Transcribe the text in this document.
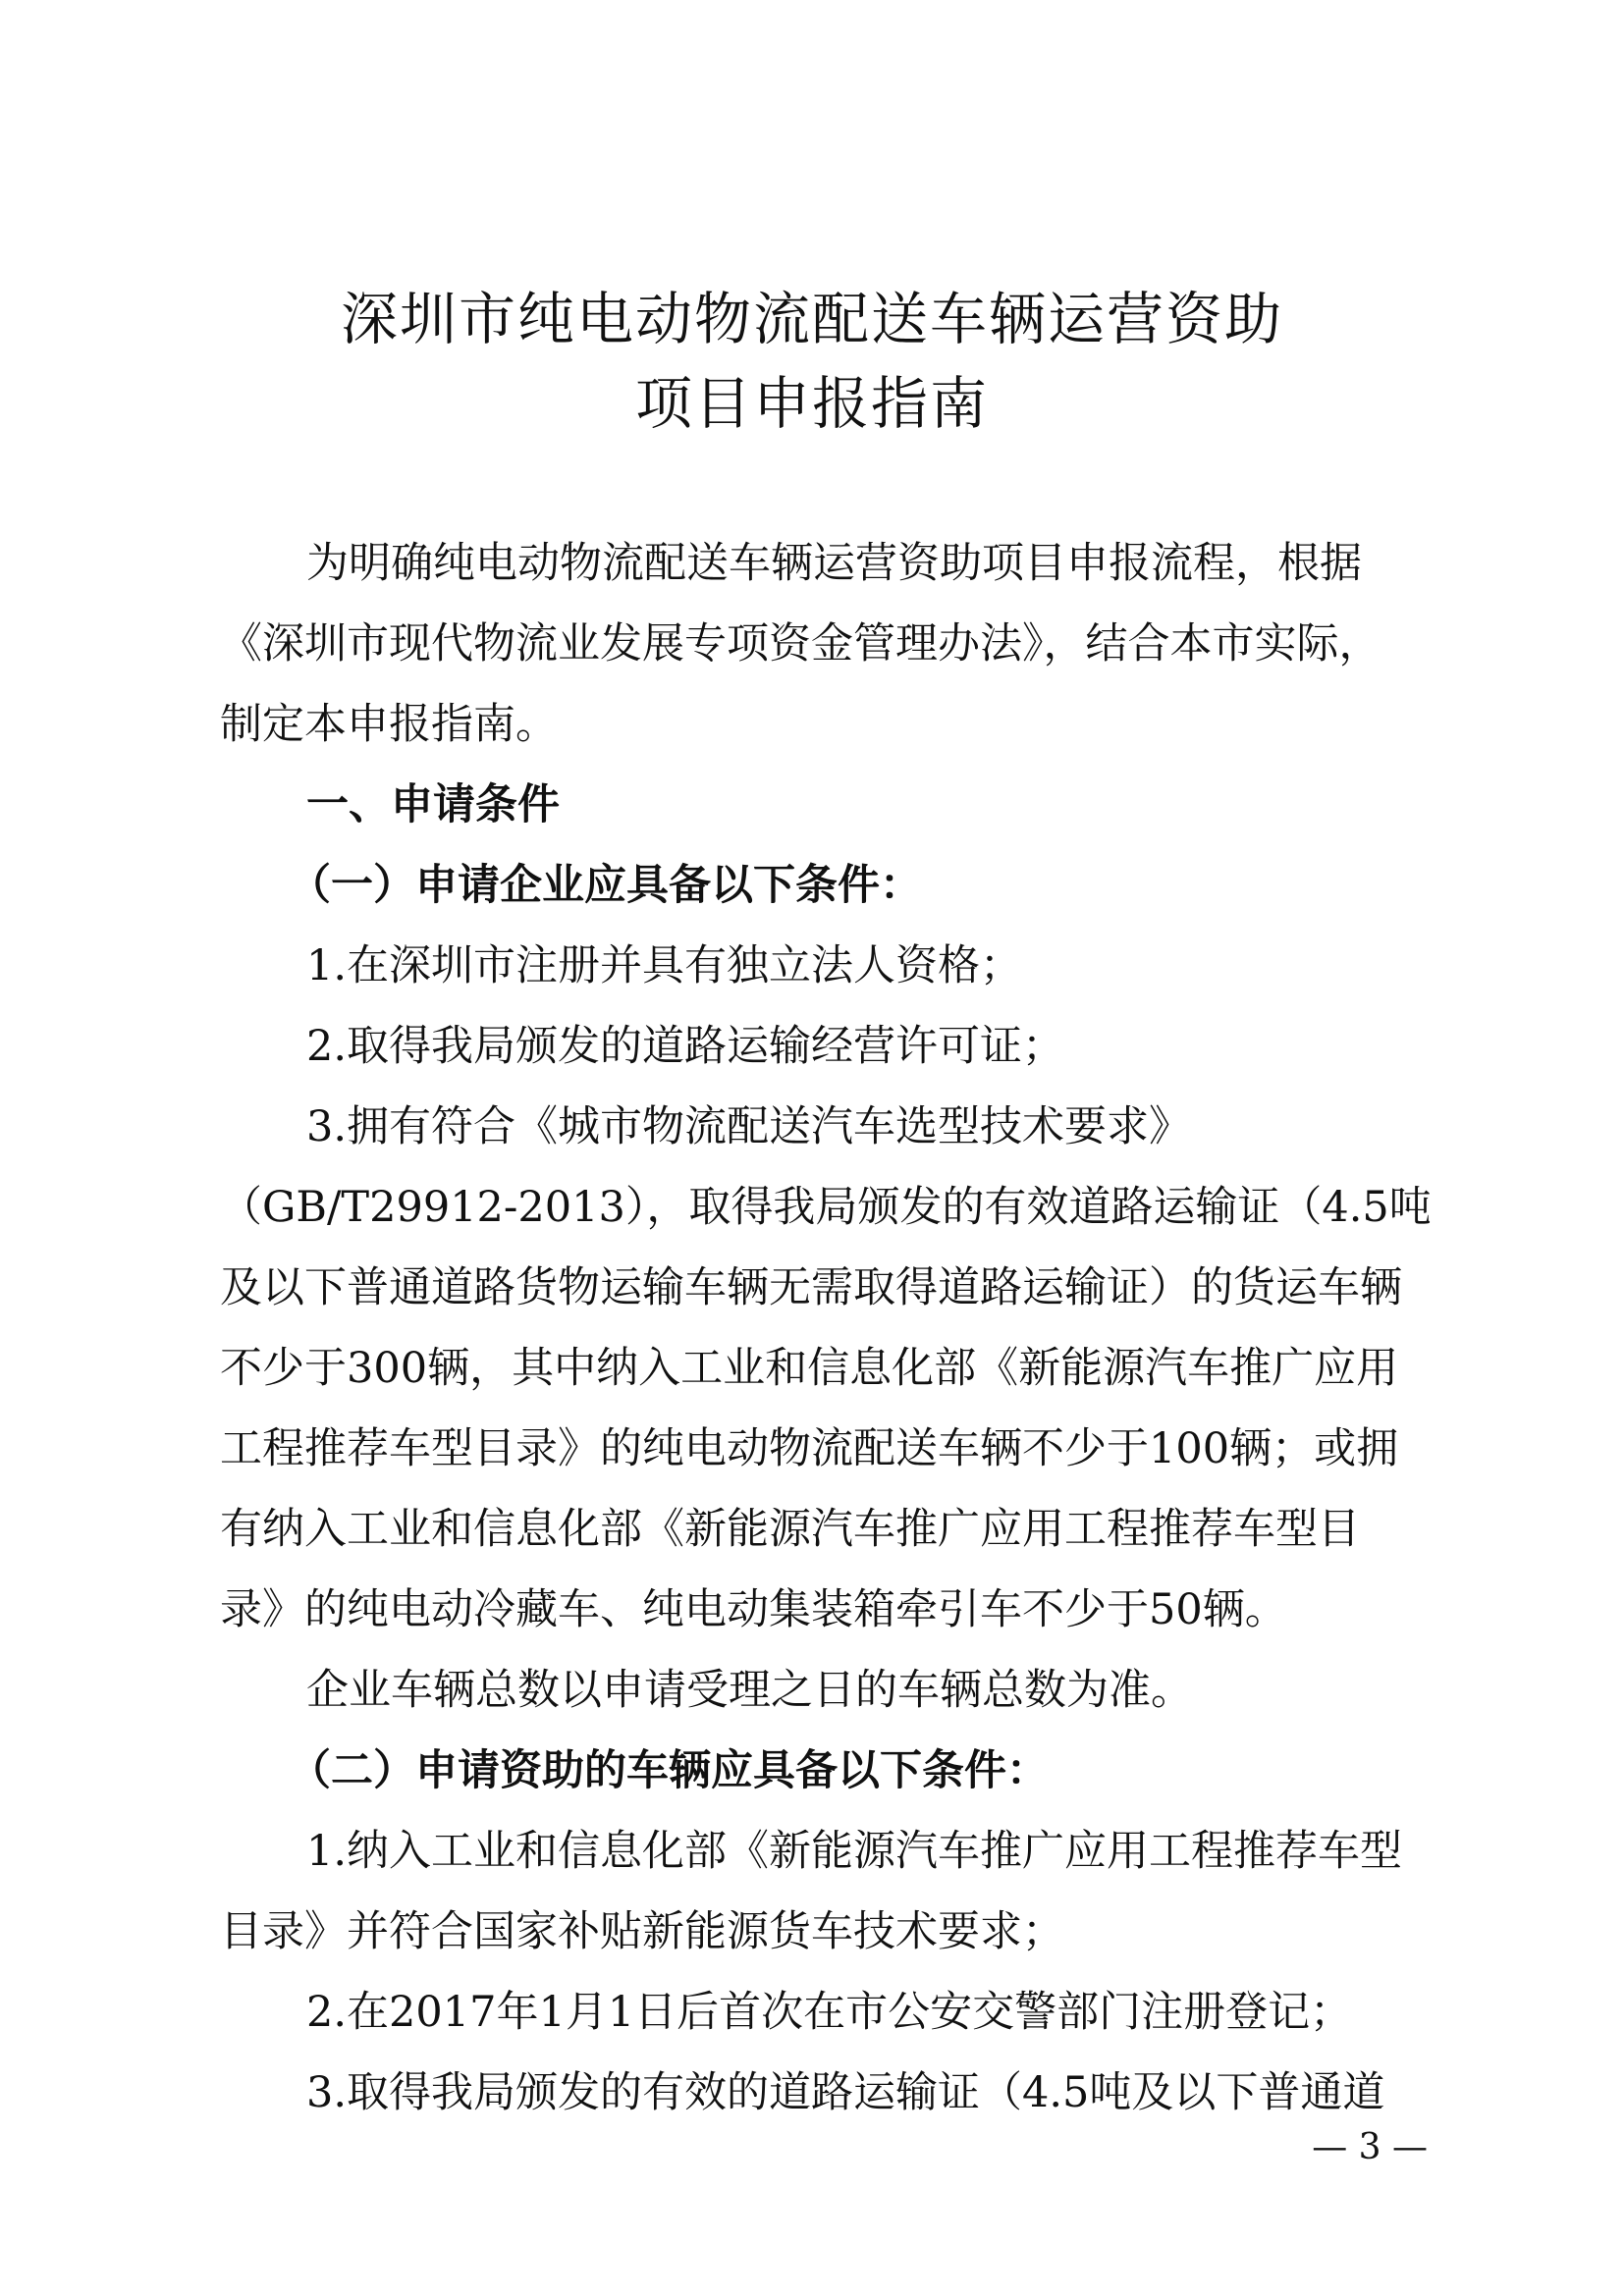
深圳市纯电动物流配送车辆运营资助
项目申报指南
为明确纯电动物流配送车辆运营资助项目申报流程，根据
《深圳市现代物流业发展专项资金管理办法》，结合本市实际，
制定本申报指南。
一、申请条件
（一）申请企业应具备以下条件：
1.在深圳市注册并具有独立法人资格；
2.取得我局颁发的道路运输经营许可证；
3.拥有符合《城市物流配送汽车选型技术要求》
（GB/T29912-2013），取得我局颁发的有效道路运输证（4.5吨
及以下普通道路货物运输车辆无需取得道路运输证）的货运车辆
不少于300辆，其中纳入工业和信息化部《新能源汽车推广应用
工程推荐车型目录》的纯电动物流配送车辆不少于100辆；或拥
有纳入工业和信息化部《新能源汽车推广应用工程推荐车型目
录》的纯电动冷藏车、纯电动集装箱牵引车不少于50辆。
企业车辆总数以申请受理之日的车辆总数为准。
（二）申请资助的车辆应具备以下条件：
1.纳入工业和信息化部《新能源汽车推广应用工程推荐车型
目录》并符合国家补贴新能源货车技术要求；
2.在2017年1月1日后首次在市公安交警部门注册登记；
3.取得我局颁发的有效的道路运输证（4.5吨及以下普通道
— 3 —
